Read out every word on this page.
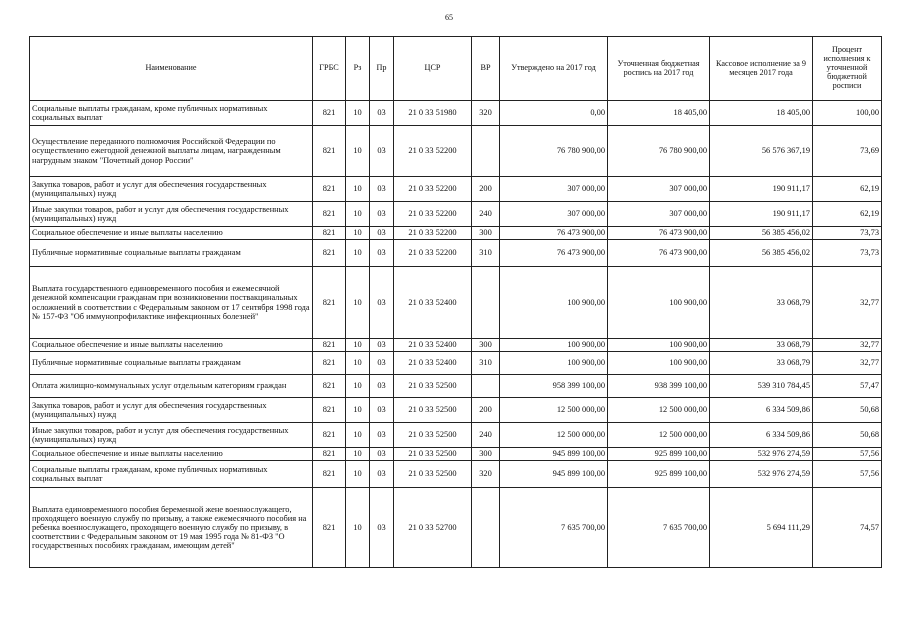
65
Наименование	ГРБС	Рз	Пр	ЦСР	ВР	Утверждено на 2017 год	Уточненная бюджетная роспись на 2017 год	Кассовое исполнение за 9 месяцев 2017 года	Процент исполнения к уточненной бюджетной росписи
Социальные выплаты гражданам, кроме публичных нормативных социальных выплат	821	10	03	21 0 33 51980	320	0,00	18 405,00	18 405,00	100,00
Осуществление переданного полномочия Российской Федерации по осуществлению ежегодной денежной выплаты лицам, награжденным нагрудным знаком "Почетный донор России"	821	10	03	21 0 33 52200		76 780 900,00	76 780 900,00	56 576 367,19	73,69
Закупка товаров, работ и услуг для обеспечения государственных (муниципальных) нужд	821	10	03	21 0 33 52200	200	307 000,00	307 000,00	190 911,17	62,19
Иные закупки товаров, работ и услуг для обеспечения государственных (муниципальных) нужд	821	10	03	21 0 33 52200	240	307 000,00	307 000,00	190 911,17	62,19
Социальное обеспечение и иные выплаты населению	821	10	03	21 0 33 52200	300	76 473 900,00	76 473 900,00	56 385 456,02	73,73
Публичные нормативные социальные выплаты гражданам	821	10	03	21 0 33 52200	310	76 473 900,00	76 473 900,00	56 385 456,02	73,73
Выплата государственного единовременного пособия и ежемесячной денежной компенсации гражданам при возникновении поствакцинальных осложнений в соответствии с Федеральным законом от 17 сентября 1998 года № 157-ФЗ "Об иммунопрофилактике инфекционных болезней"	821	10	03	21 0 33 52400		100 900,00	100 900,00	33 068,79	32,77
Социальное обеспечение и иные выплаты населению	821	10	03	21 0 33 52400	300	100 900,00	100 900,00	33 068,79	32,77
Публичные нормативные социальные выплаты гражданам	821	10	03	21 0 33 52400	310	100 900,00	100 900,00	33 068,79	32,77
Оплата жилищно-коммунальных услуг отдельным категориям граждан	821	10	03	21 0 33 52500		958 399 100,00	938 399 100,00	539 310 784,45	57,47
Закупка товаров, работ и услуг для обеспечения государственных (муниципальных) нужд	821	10	03	21 0 33 52500	200	12 500 000,00	12 500 000,00	6 334 509,86	50,68
Иные закупки товаров, работ и услуг для обеспечения государственных (муниципальных) нужд	821	10	03	21 0 33 52500	240	12 500 000,00	12 500 000,00	6 334 509,86	50,68
Социальное обеспечение и иные выплаты населению	821	10	03	21 0 33 52500	300	945 899 100,00	925 899 100,00	532 976 274,59	57,56
Социальные выплаты гражданам, кроме публичных нормативных социальных выплат	821	10	03	21 0 33 52500	320	945 899 100,00	925 899 100,00	532 976 274,59	57,56
Выплата единовременного пособия беременной жене военнослужащего, проходящего военную службу по призыву, а также ежемесячного пособия на ребенка военнослужащего, проходящего военную службу по призыву, в соответствии с Федеральным законом от 19 мая 1995 года № 81-ФЗ "О государственных пособиях гражданам, имеющим детей"	821	10	03	21 0 33 52700		7 635 700,00	7 635 700,00	5 694 111,29	74,57
